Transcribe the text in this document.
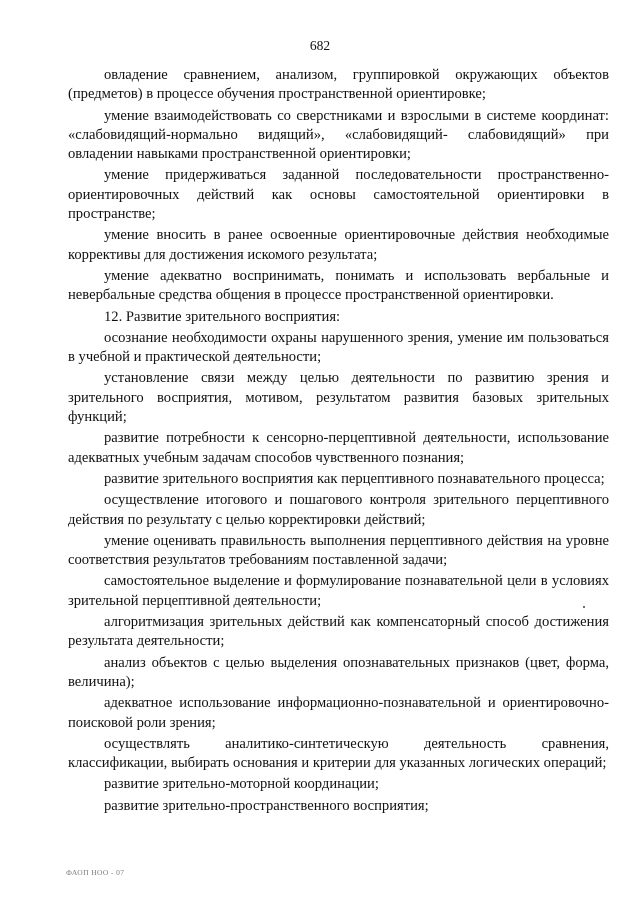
682

овладение сравнением, анализом, группировкой окружающих объектов (предметов) в процессе обучения пространственной ориентировке;

умение взаимодействовать со сверстниками и взрослыми в системе координат: «слабовидящий-нормально видящий», «слабовидящий- слабовидящий» при овладении навыками пространственной ориентировки;

умение придерживаться заданной последовательности пространственно-ориентировочных действий как основы самостоятельной ориентировки в пространстве;

умение вносить в ранее освоенные ориентировочные действия необходимые коррективы для достижения искомого результата;

умение адекватно воспринимать, понимать и использовать вербальные и невербальные средства общения в процессе пространственной ориентировки.

12. Развитие зрительного восприятия:

осознание необходимости охраны нарушенного зрения, умение им пользоваться в учебной и практической деятельности;

установление связи между целью деятельности по развитию зрения и зрительного восприятия, мотивом, результатом развития базовых зрительных функций;

развитие потребности к сенсорно-перцептивной деятельности, использование адекватных учебным задачам способов чувственного познания;

развитие зрительного восприятия как перцептивного познавательного процесса;

осуществление итогового и пошагового контроля зрительного перцептивного действия по результату с целью корректировки действий;

умение оценивать правильность выполнения перцептивного действия на уровне соответствия результатов требованиям поставленной задачи;

самостоятельное выделение и формулирование познавательной цели в условиях зрительной перцептивной деятельности;

алгоритмизация зрительных действий как компенсаторный способ достижения результата деятельности;

анализ объектов с целью выделения опознавательных признаков (цвет, форма, величина);

адекватное использование информационно-познавательной и ориентировочно-поисковой роли зрения;

осуществлять аналитико-синтетическую деятельность сравнения, классификации, выбирать основания и критерии для указанных логических операций;

развитие зрительно-моторной координации;

развитие зрительно-пространственного восприятия;

ФАОП НОО - 07
